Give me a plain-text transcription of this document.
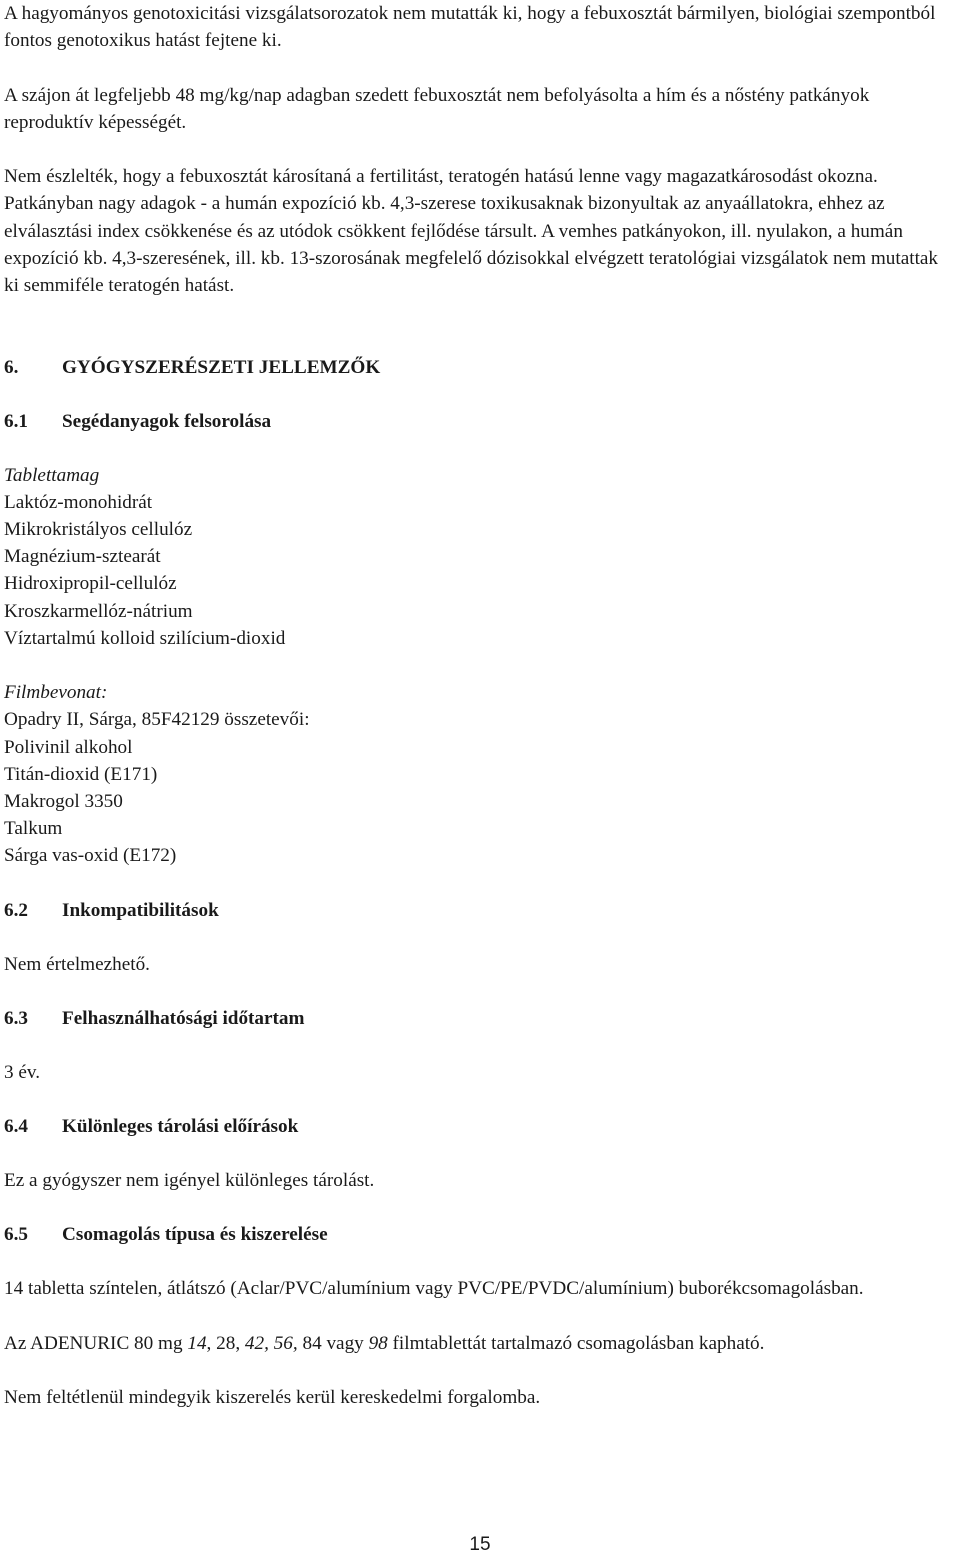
A hagyományos genotoxicitási vizsgálatsorozatok nem mutatták ki, hogy a febuxosztát bármilyen, biológiai szempontból fontos genotoxikus hatást fejtene ki.

A szájon át legfeljebb 48 mg/kg/nap adagban szedett febuxosztát nem befolyásolta a hím és a nőstény patkányok reproduktív képességét.

Nem észlelték, hogy a febuxosztát károsítaná a fertilitást, teratogén hatású lenne vagy magazatkárosodást okozna. Patkányban nagy adagok - a humán expozíció kb. 4,3-szerese toxikusaknak bizonyultak az anyaállatokra, ehhez az elválasztási index csökkenése és az utódok csökkent fejlődése társult. A vemhes patkányokon, ill. nyulakon, a humán expozíció kb. 4,3-szeresének, ill. kb. 13-szorosának megfelelő dózisokkal elvégzett teratológiai vizsgálatok nem mutattak ki semmiféle teratogén hatást.

6. GYÓGYSZERÉSZETI JELLEMZŐK

6.1 Segédanyagok felsorolása

Tablettamag

Laktóz-monohidrát

Mikrokristályos cellulóz

Magnézium-sztearát

Hidroxipropil-cellulóz

Kroszkarmellóz-nátrium

Víztartalmú kolloid szilícium-dioxid

Filmbevonat:

Opadry II, Sárga, 85F42129 összetevői:

Polivinil alkohol

Titán-dioxid (E171)

Makrogol 3350

Talkum

Sárga vas-oxid (E172)

6.2 Inkompatibilitások

Nem értelmezhető.

6.3 Felhasználhatósági időtartam

3 év.

6.4 Különleges tárolási előírások

Ez a gyógyszer nem igényel különleges tárolást.

6.5 Csomagolás típusa és kiszerelése

14 tabletta színtelen, átlátszó (Aclar/PVC/alumínium vagy PVC/PE/PVDC/alumínium) buborékcsomagolásban.

Az ADENURIC 80 mg 14, 28, 42, 56, 84 vagy 98 filmtablettát tartalmazó csomagolásban kapható.

Nem feltétlenül mindegyik kiszerelés kerül kereskedelmi forgalomba.

15
